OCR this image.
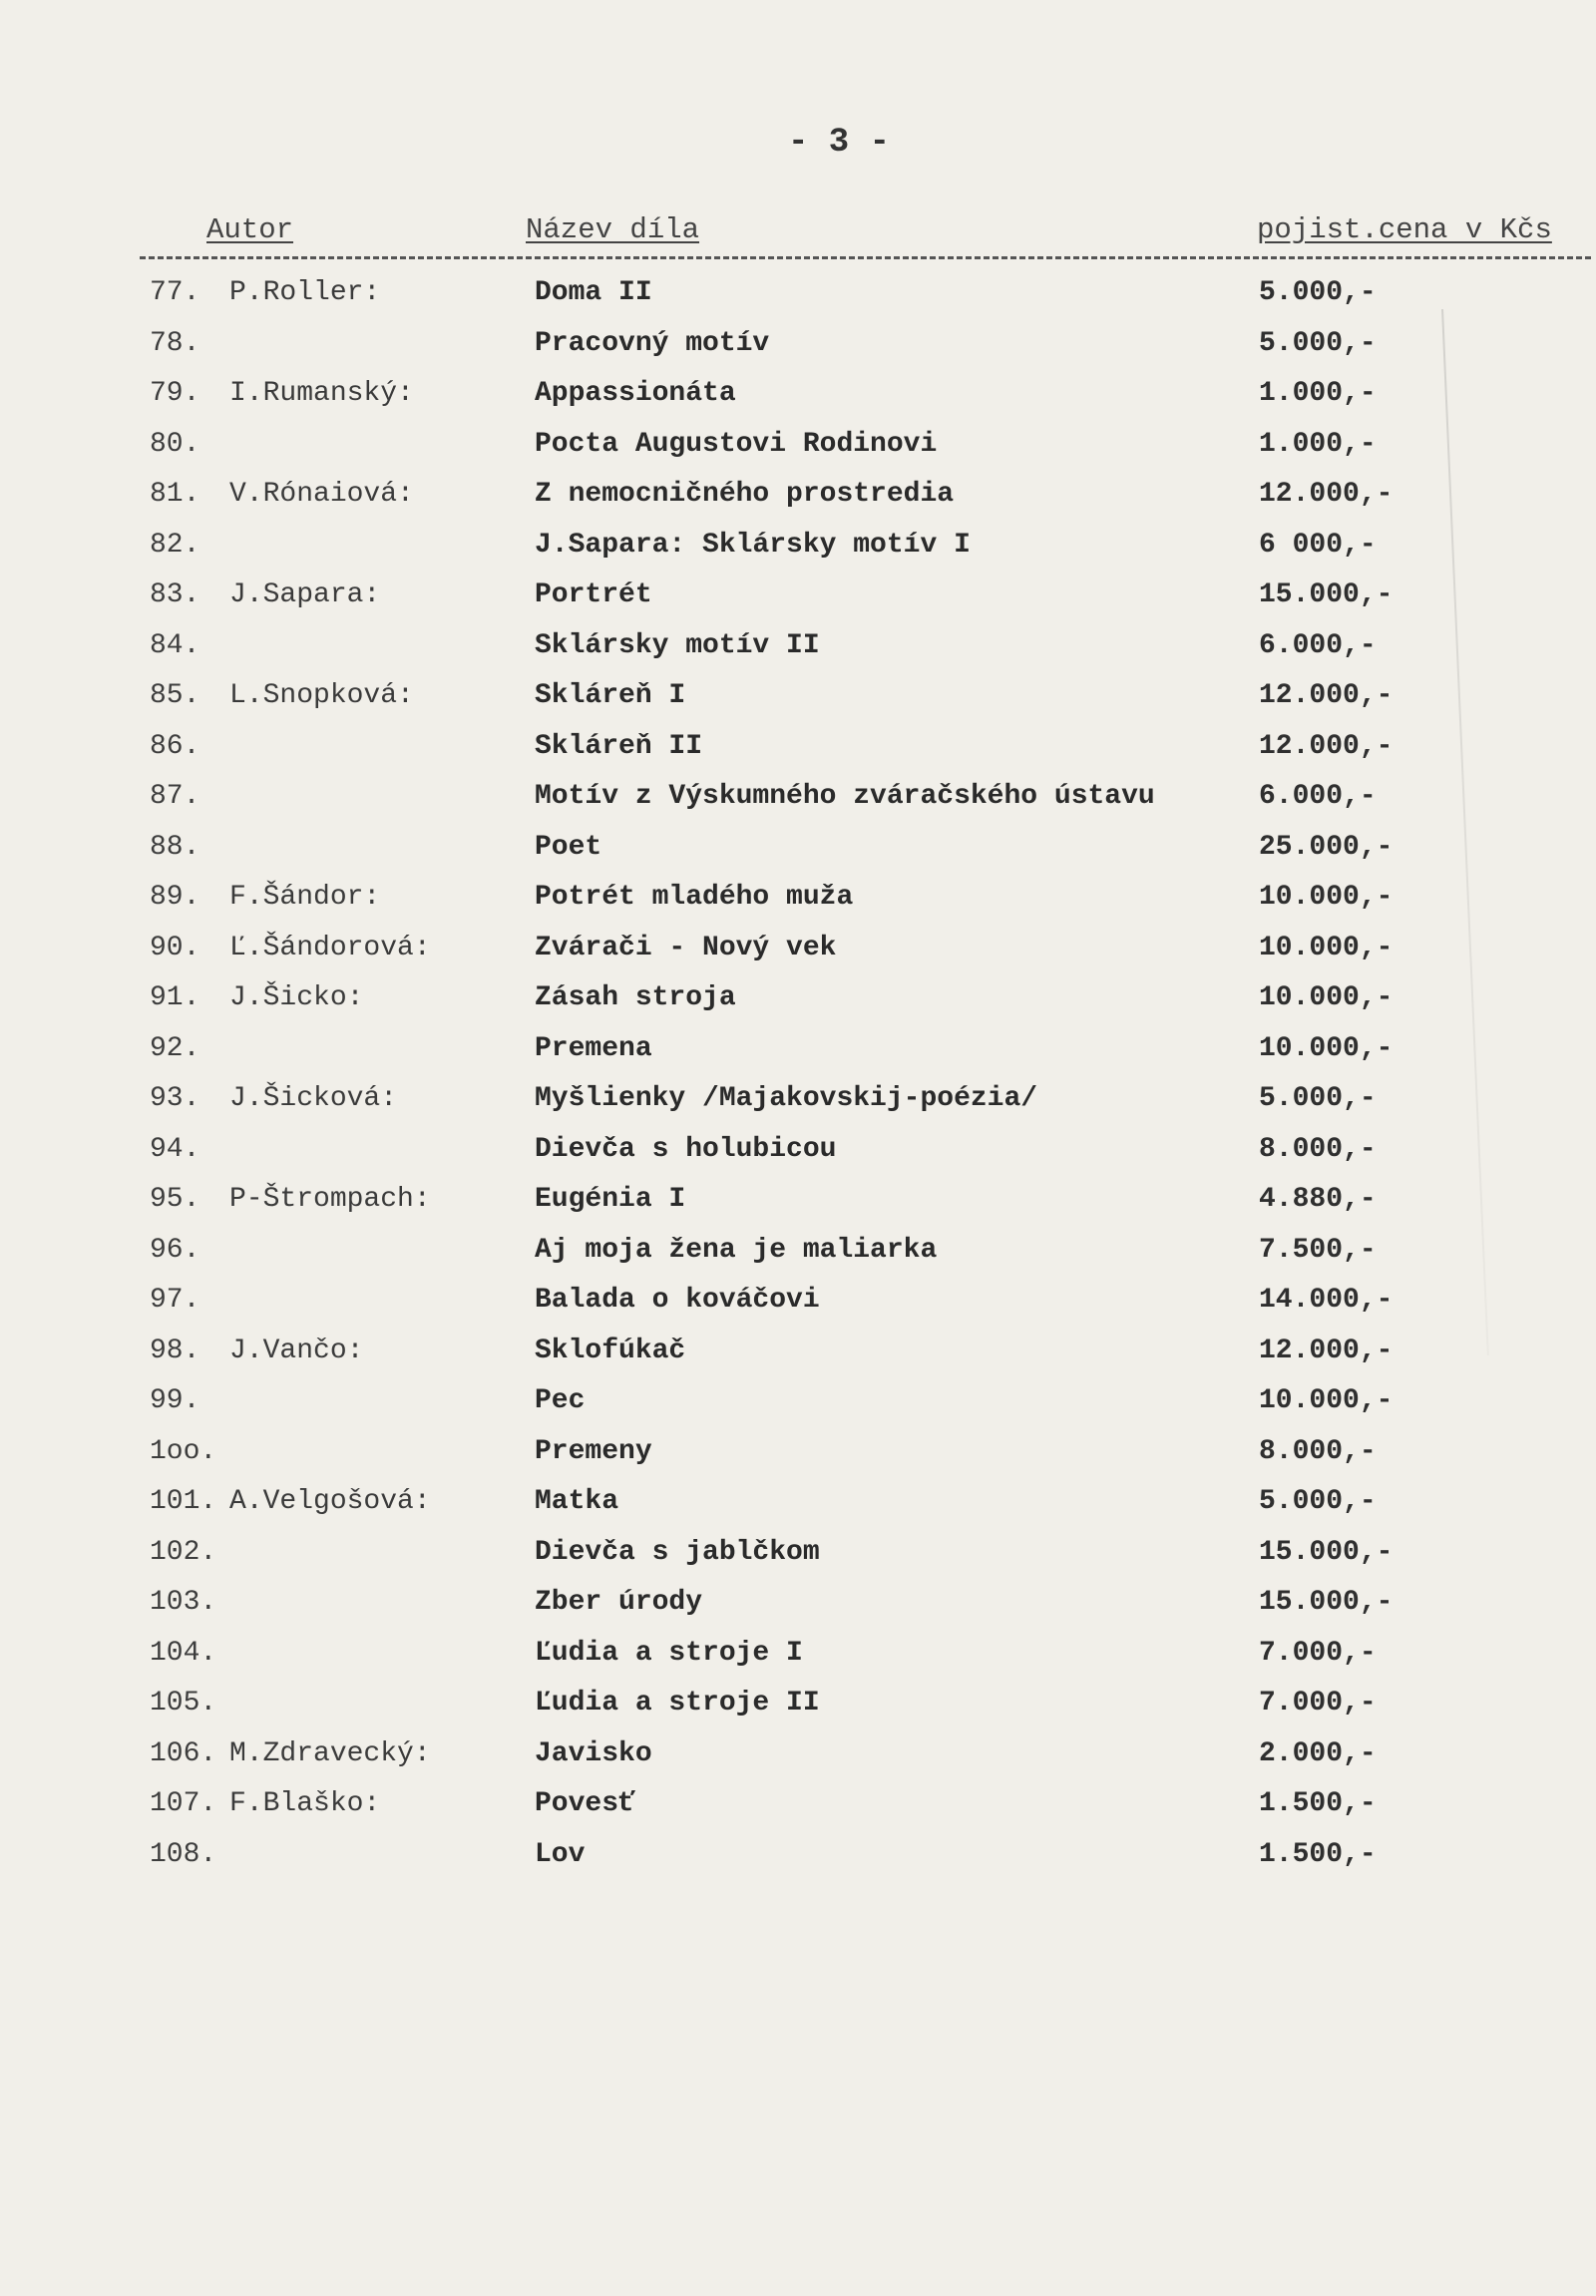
- 3 -
Autor	Název díla	pojist.cena v Kčs
77. P.Roller:	Doma II	5.000,-
78.	Pracovný motív	5.000,-
79. I.Rumanský:	Appassionáta	1.000,-
80.	Pocta Augustovi Rodinovi	1.000,-
81. V.Rónaiová:	Z nemocničného prostredia	12.000,-
82.	J.Sapara: Sklársky motív I	6 000,-
83. J.Sapara:	Portrét	15.000,-
84.	Sklársky motív II	6.000,-
85. L.Snopková:	Skláreň I	12.000,-
86.	Skláreň II	12.000,-
87.	Motív z Výskumného zváračského ústavu	6.000,-
88.	Poet	25.000,-
89. F.Šándor:	Potrét mladého muža	10.000,-
90. Ľ.Šándorová:	Zvárači - Nový vek	10.000,-
91. J.Šicko:	Zásah stroja	10.000,-
92.	Premena	10.000,-
93. J.Šicková:	Myšlienky /Majakovskij-poézia/	5.000,-
94.	Dievča s holubicou	8.000,-
95. P-Štrompach:	Eugénia I	4.880,-
96.	Aj moja žena je maliarka	7.500,-
97.	Balada o kováčovi	14.000,-
98. J.Vančo:	Sklofúkač	12.000,-
99.	Pec	10.000,-
1oo.	Premeny	8.000,-
101. A.Velgošová:	Matka	5.000,-
102.	Dievča s jablčkom	15.000,-
103.	Zber úrody	15.000,-
104.	Ľudia a stroje I	7.000,-
105.	Ľudia a stroje II	7.000,-
106. M.Zdravecký:	Javisko	2.000,-
107. F.Blaško:	Povesť	1.500,-
108.	Lov	1.500,-
